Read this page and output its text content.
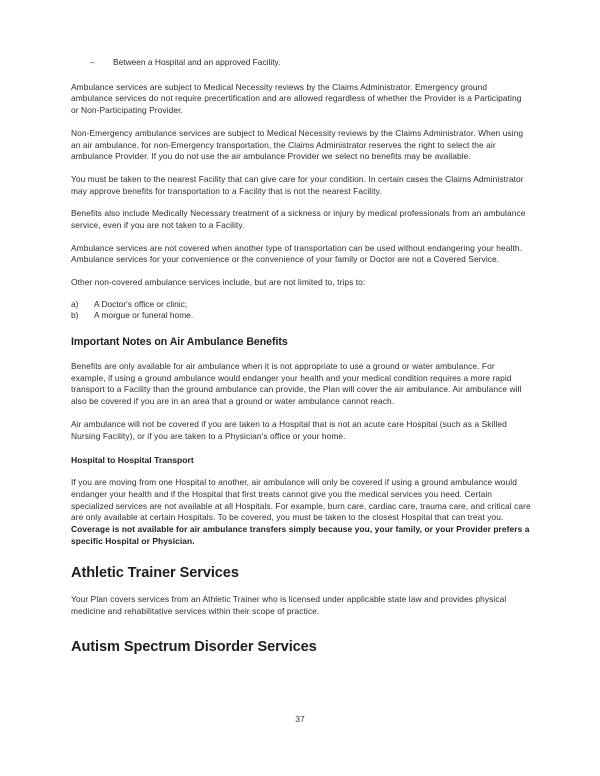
– Between a Hospital and an approved Facility.

Ambulance services are subject to Medical Necessity reviews by the Claims Administrator. Emergency ground ambulance services do not require precertification and are allowed regardless of whether the Provider is a Participating or Non-Participating Provider.

Non-Emergency ambulance services are subject to Medical Necessity reviews by the Claims Administrator. When using an air ambulance, for non-Emergency transportation, the Claims Administrator reserves the right to select the air ambulance Provider. If you do not use the air ambulance Provider we select no benefits may be available.

You must be taken to the nearest Facility that can give care for your condition. In certain cases the Claims Administrator may approve benefits for transportation to a Facility that is not the nearest Facility.

Benefits also include Medically Necessary treatment of a sickness or injury by medical professionals from an ambulance service, even if you are not taken to a Facility.

Ambulance services are not covered when another type of transportation can be used without endangering your health. Ambulance services for your convenience or the convenience of your family or Doctor are not a Covered Service.

Other non-covered ambulance services include, but are not limited to, trips to:

a)	A Doctor's office or clinic;
b)	A morgue or funeral home.
Important Notes on Air Ambulance Benefits

Benefits are only available for air ambulance when it is not appropriate to use a ground or water ambulance. For example, if using a ground ambulance would endanger your health and your medical condition requires a more rapid transport to a Facility than the ground ambulance can provide, the Plan will cover the air ambulance. Air ambulance will also be covered if you are in an area that a ground or water ambulance cannot reach.

Air ambulance will not be covered if you are taken to a Hospital that is not an acute care Hospital (such as a Skilled Nursing Facility), or if you are taken to a Physician's office or your home.

Hospital to Hospital Transport

If you are moving from one Hospital to another, air ambulance will only be covered if using a ground ambulance would endanger your health and if the Hospital that first treats cannot give you the medical services you need. Certain specialized services are not available at all Hospitals. For example, burn care, cardiac care, trauma care, and critical care are only available at certain Hospitals. To be covered, you must be taken to the closest Hospital that can treat you. Coverage is not available for air ambulance transfers simply because you, your family, or your Provider prefers a specific Hospital or Physician.

Athletic Trainer Services

Your Plan covers services from an Athletic Trainer who is licensed under applicable state law and provides physical medicine and rehabilitative services within their scope of practice.

Autism Spectrum Disorder Services
37
